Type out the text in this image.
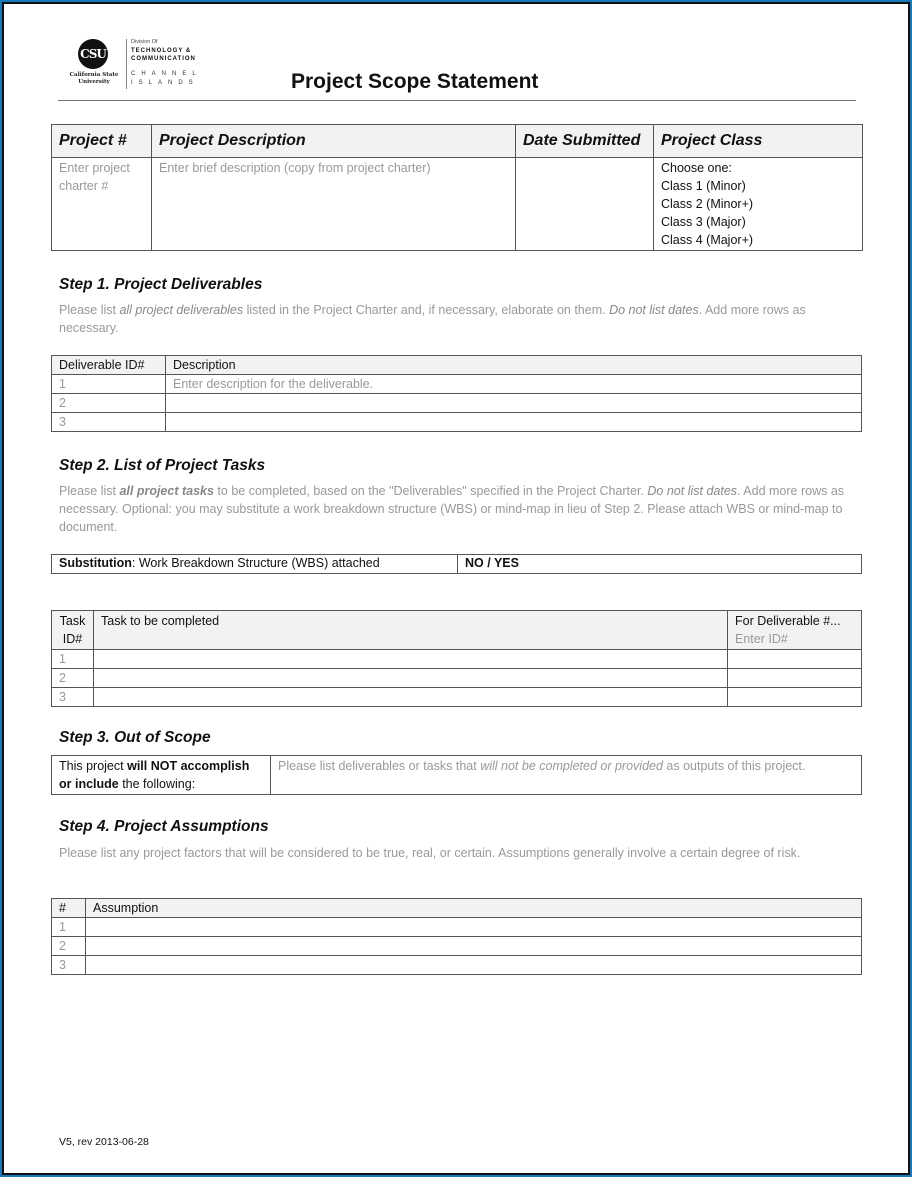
CSU
California State University
Division Of
TECHNOLOGY &
COMMUNICATION
CHANNEL
ISLANDS	Project Scope Statement
Project #	Project Description	Date Submitted	Project Class
Enter project charter #	Enter brief description (copy from project charter)		Choose one:
Class 1 (Minor)
Class 2 (Minor+)
Class 3 (Major)
Class 4 (Major+)
Step 1. Project Deliverables
Please list all project deliverables listed in the Project Charter and, if necessary, elaborate on them. Do not list dates. Add more rows as necessary.
Deliverable ID#	Description
1	Enter description for the deliverable.
2	
3	
Step 2. List of Project Tasks
Please list all project tasks to be completed, based on the "Deliverables" specified in the Project Charter. Do not list dates. Add more rows as necessary. Optional: you may substitute a work breakdown structure (WBS) or mind-map in lieu of Step 2. Please attach WBS or mind-map to document.
Substitution: Work Breakdown Structure (WBS) attached	NO / YES
Task ID#	Task to be completed	For Deliverable #...
Enter ID#

1		
2		
3		
Step 3. Out of Scope
This project will NOT accomplish or include the following:	Please list deliverables or tasks that will not be completed or provided as outputs of this project.
Step 4. Project Assumptions
Please list any project factors that will be considered to be true, real, or certain. Assumptions generally involve a certain degree of risk.
#	Assumption
1	
2	
3	
V5, rev 2013-06-28
